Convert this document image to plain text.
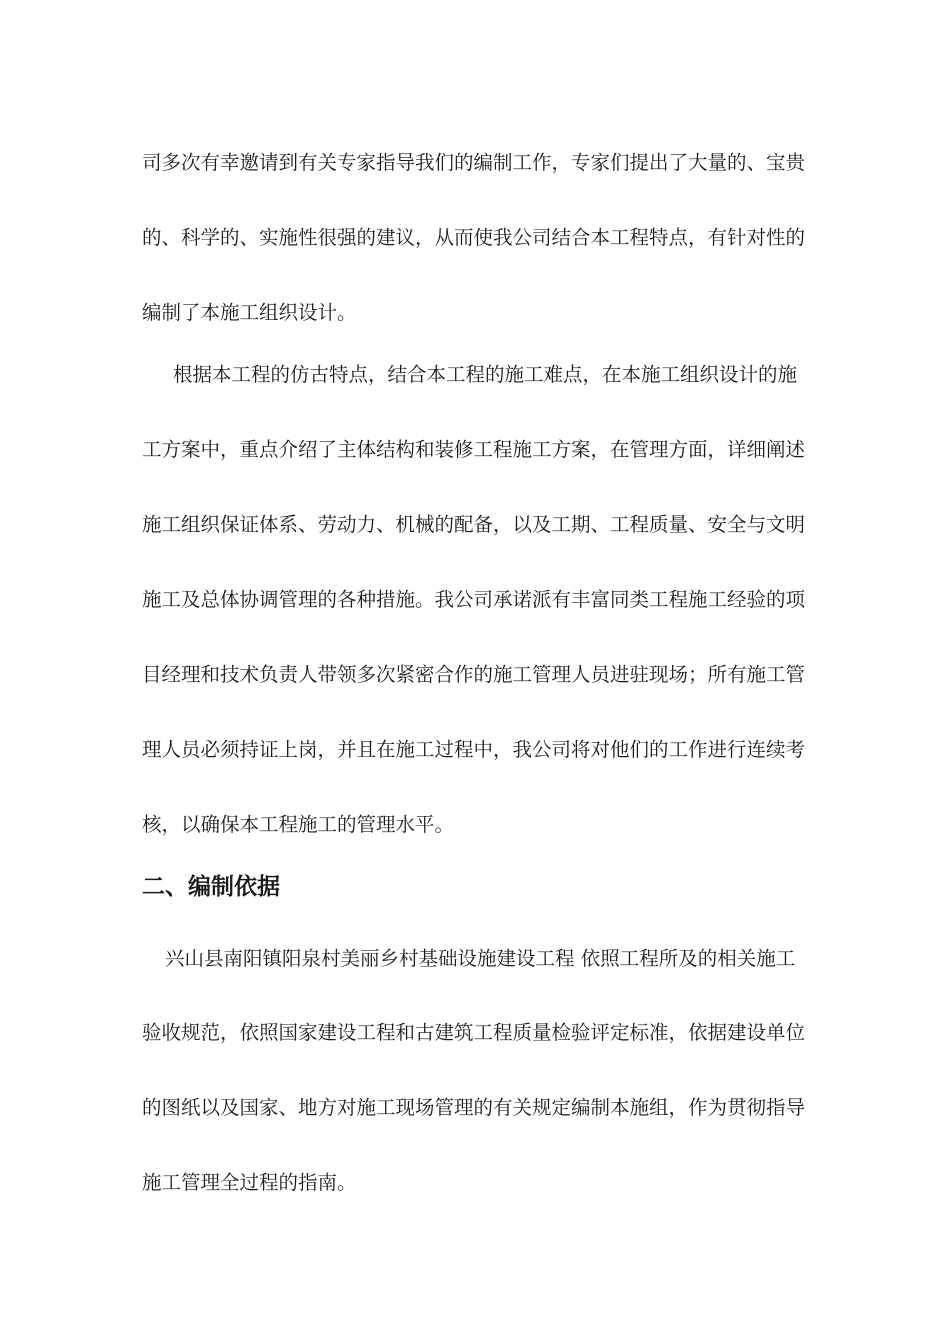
司多次有幸邀请到有关专家指导我们的编制工作，专家们提出了大量的、宝贵
的、科学的、实施性很强的建议，从而使我公司结合本工程特点，有针对性的
编制了本施工组织设计。
根据本工程的仿古特点，结合本工程的施工难点，在本施工组织设计的施
工方案中，重点介绍了主体结构和装修工程施工方案，在管理方面，详细阐述
施工组织保证体系、劳动力、机械的配备，以及工期、工程质量、安全与文明
施工及总体协调管理的各种措施。我公司承诺派有丰富同类工程施工经验的项
目经理和技术负责人带领多次紧密合作的施工管理人员进驻现场；所有施工管
理人员必须持证上岗，并且在施工过程中，我公司将对他们的工作进行连续考
核，以确保本工程施工的管理水平。
二、编制依据
兴山县南阳镇阳泉村美丽乡村基础设施建设工程 依照工程所及的相关施工
验收规范，依照国家建设工程和古建筑工程质量检验评定标准，依据建设单位
的图纸以及国家、地方对施工现场管理的有关规定编制本施组，作为贯彻指导
施工管理全过程的指南。
